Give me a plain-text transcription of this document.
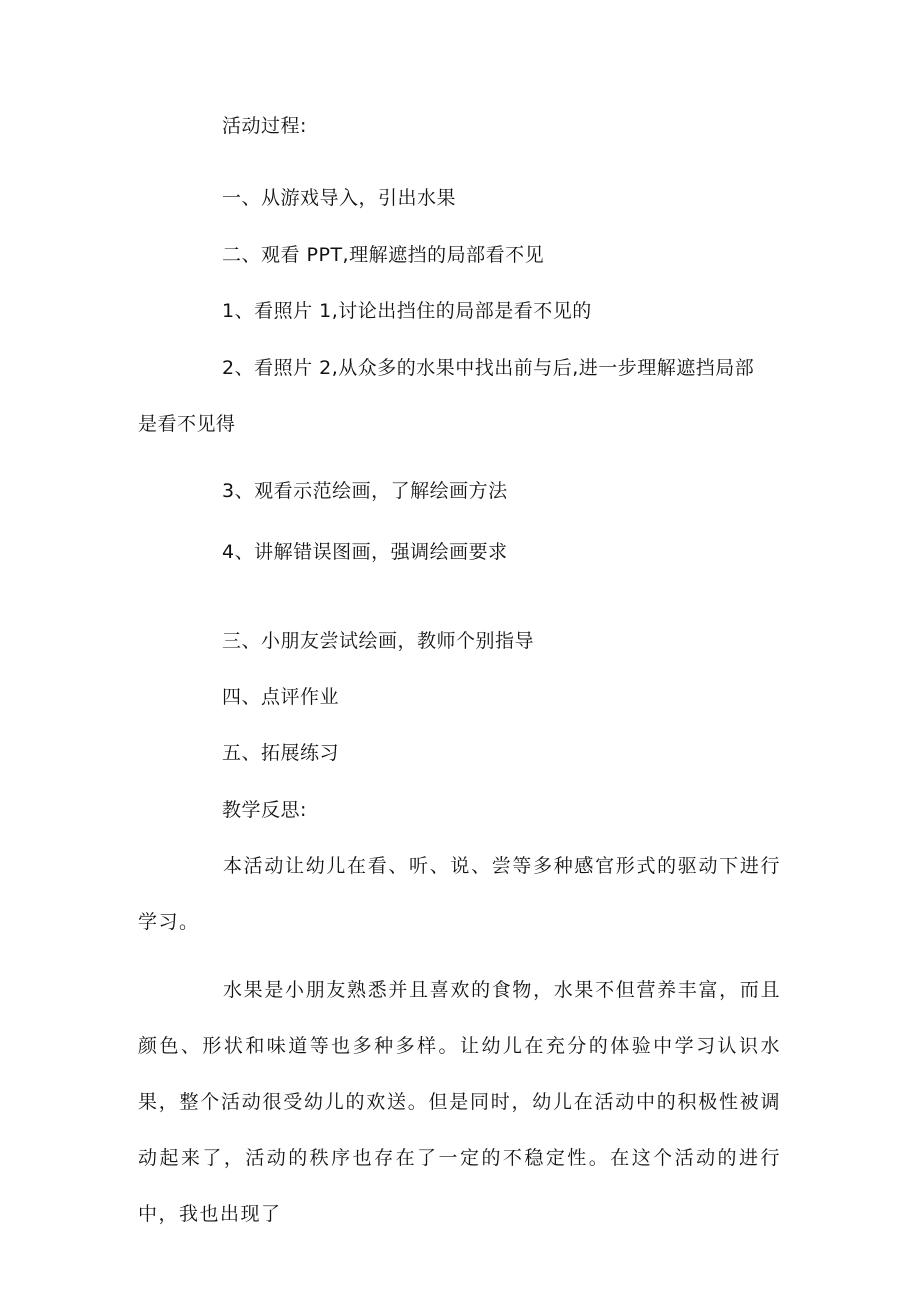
活动过程:
一、从游戏导入，引出水果
二、观看 PPT,理解遮挡的局部看不见
1、看照片 1,讨论出挡住的局部是看不见的
2、看照片 2,从众多的水果中找出前与后,进一步理解遮挡局部
是看不见得
3、观看示范绘画，了解绘画方法
4、讲解错误图画，强调绘画要求
三、小朋友尝试绘画，教师个别指导
四、点评作业
五、拓展练习
教学反思:

本活动让幼儿在看、听、说、尝等多种感官形式的驱动下进行学习。

水果是小朋友熟悉并且喜欢的食物，水果不但营养丰富，而且颜色、形状和味道等也多种多样。让幼儿在充分的体验中学习认识水果，整个活动很受幼儿的欢送。但是同时，幼儿在活动中的积极性被调动起来了，活动的秩序也存在了一定的不稳定性。在这个活动的进行中，我也出现了
